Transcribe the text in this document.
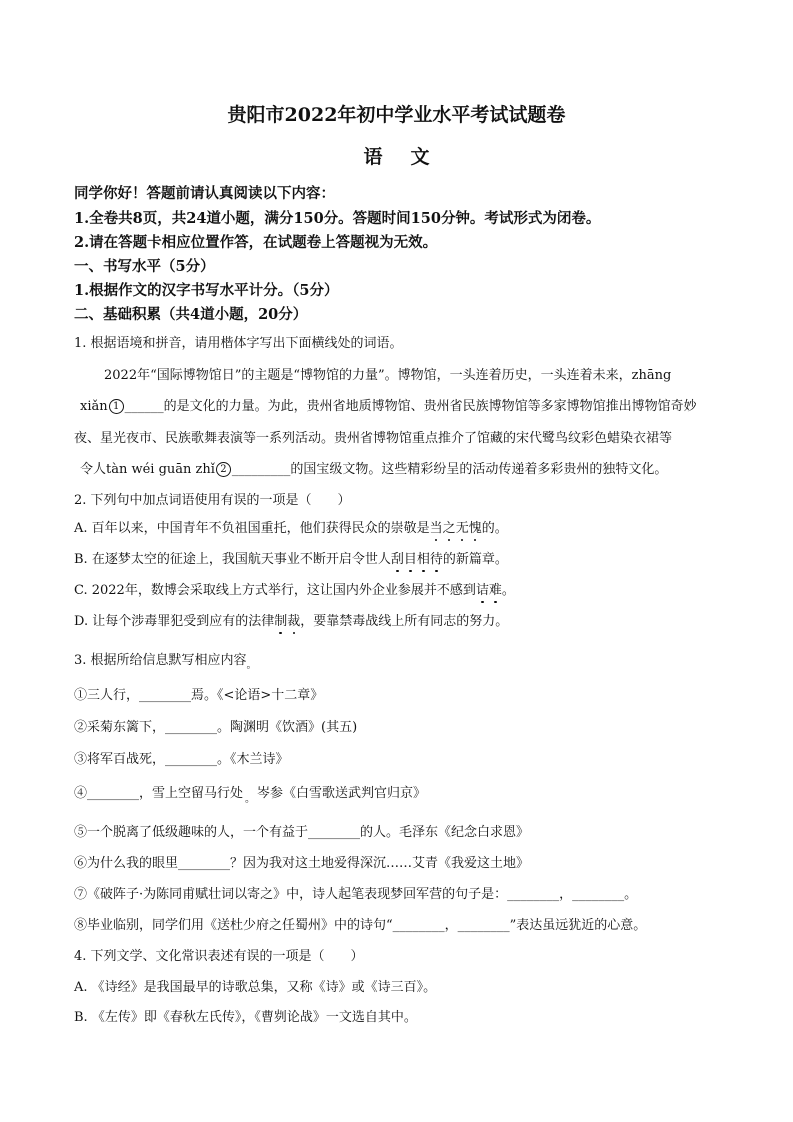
贵阳市2022年初中学业水平考试试题卷
语文
同学你好！答题前请认真阅读以下内容：
1.全卷共8页，共24道小题，满分150分。答题时间150分钟。考试形式为闭卷。
2.请在答题卡相应位置作答，在试题卷上答题视为无效。
一、书写水平（5分）
1.根据作文的汉字书写水平计分。（5分）
二、基础积累（共4道小题，20分）
1. 根据语境和拼音，请用楷体字写出下面横线处的词语。
2022年“国际博物馆日”的主题是“博物馆的力量”。博物馆，一头连着历史，一头连着未来，zhāng
xiǎn 1 ______的是文化的力量。为此，贵州省地质博物馆、贵州省民族博物馆等多家博物馆推出博物馆奇妙
夜、星光夜市、民族歌舞表演等一系列活动。贵州省博物馆重点推介了馆藏的宋代鹭鸟纹彩色蜡染衣裙等
令人tàn wéi guān zhǐ 2 _________的国宝级文物。这些精彩纷呈的活动传递着多彩贵州的独特文化。
2. 下列句中加点词语使用有误的一项是（　　）
A. 百年以来，中国青年不负祖国重托，他们获得民众的崇敬是当之无愧的。
B. 在逐梦太空的征途上，我国航天事业不断开启令世人刮目相待的新篇章。
C. 2022年，数博会采取线上方式举行，这让国内外企业参展并不感到诘难。
D. 让每个涉毒罪犯受到应有的法律制裁，要靠禁毒战线上所有同志的努力。
3. 根据所给信息默写相应内容$_。$
①三人行，________焉。《<论语>十二章》
②采菊东篱下，________。陶渊明《饮酒》(其五)
③将军百战死，________。《木兰诗》
④________，雪上空留马行处 $_。$ 岑参《白雪歌送武判官归京》
⑤一个脱离了低级趣味的人，一个有益于________的人。毛泽东《纪念白求恩》
⑥为什么我的眼里________？因为我对这土地爱得深沉……艾青《我爱这土地》
⑦《破阵子·为陈同甫赋壮词以寄之》中，诗人起笔表现梦回军营的句子是：________，________。
⑧毕业临别，同学们用《送杜少府之任蜀州》中的诗句“________，________”表达虽远犹近的心意。
4. 下列文学、文化常识表述有误的一项是（　　）
A. 《诗经》是我国最早的诗歌总集，又称《诗》或《诗三百》。
B. 《左传》即《春秋左氏传》，《曹刿论战》一文选自其中。
